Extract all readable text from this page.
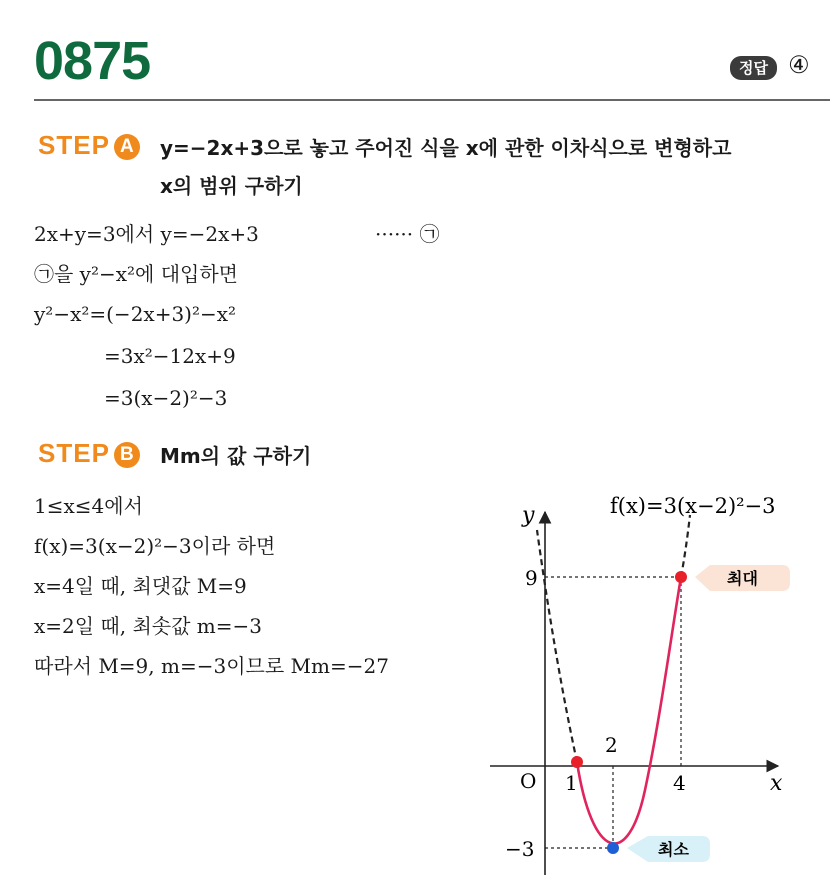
0875	정답 ④
STEP A	y=−2x+3으로 놓고 주어진 식을 x에 관한 이차식으로 변형하고
x의 범위 구하기
2x+y=3에서 y=−2x+3	······ ㉠
㉠을 y²−x²에 대입하면
y²−x²=(−2x+3)²−x²
=3x²−12x+9
=3(x−2)²−3
STEP B	Mm의 값 구하기
1≤x≤4에서
f(x)=3(x−2)²−3이라 하면
x=4일 때, 최댓값 M=9
x=2일 때, 최솟값 m=−3
따라서 M=9, m=−3이므로 Mm=−27
y
x
O 1
2
4
9
−3
f(x)=3(x−2)²−3
최대
최소
